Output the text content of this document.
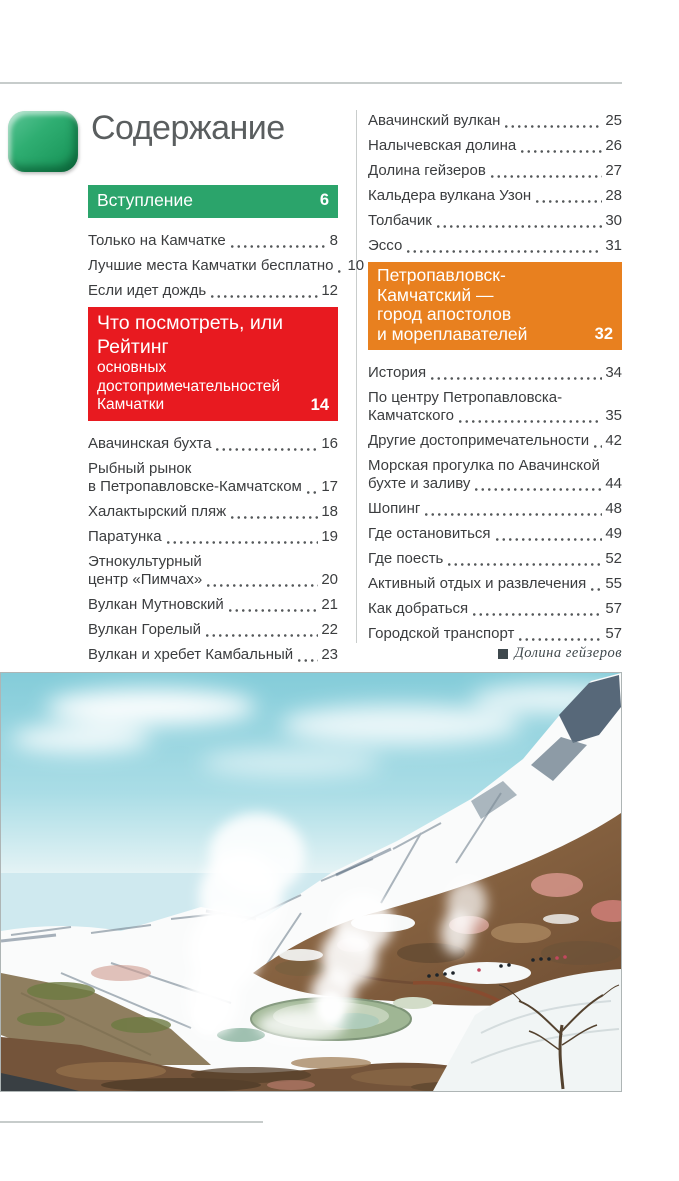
Содержание
Вступление	6
Только на Камчатке	8
Лучшие места Камчатки бесплатно 10
Если идет дождь	12
Что посмотреть, или Рейтинг
основных достопримечательностей
Камчатки	14
Авачинская бухта	16
Рыбный рынок
в Петропавловске-Камчатском 17
Халактырский пляж	18
Паратунка	19
Этнокультурный
центр «Пимчах»	20
Вулкан Мутновский	21
Вулкан Горелый	22
Вулкан и хребет Камбальный 23
Авачинский вулкан	25
Налычевская долина	26
Долина гейзеров	27
Кальдера вулкана Узон	28
Толбачик	30
Эссо	31
Петропавловск-
Камчатский —
город апостолов
и мореплавателей	32
История	34
По центру Петропавловска-
Камчатского	35
Другие достопримечательности 42
Морская прогулка по Авачинской
бухте и заливу	44
Шопинг	48
Где остановиться	49
Где поесть	52
Активный отдых и развлечения 55
Как добраться	57
Городской транспорт	57
Долина гейзеров
